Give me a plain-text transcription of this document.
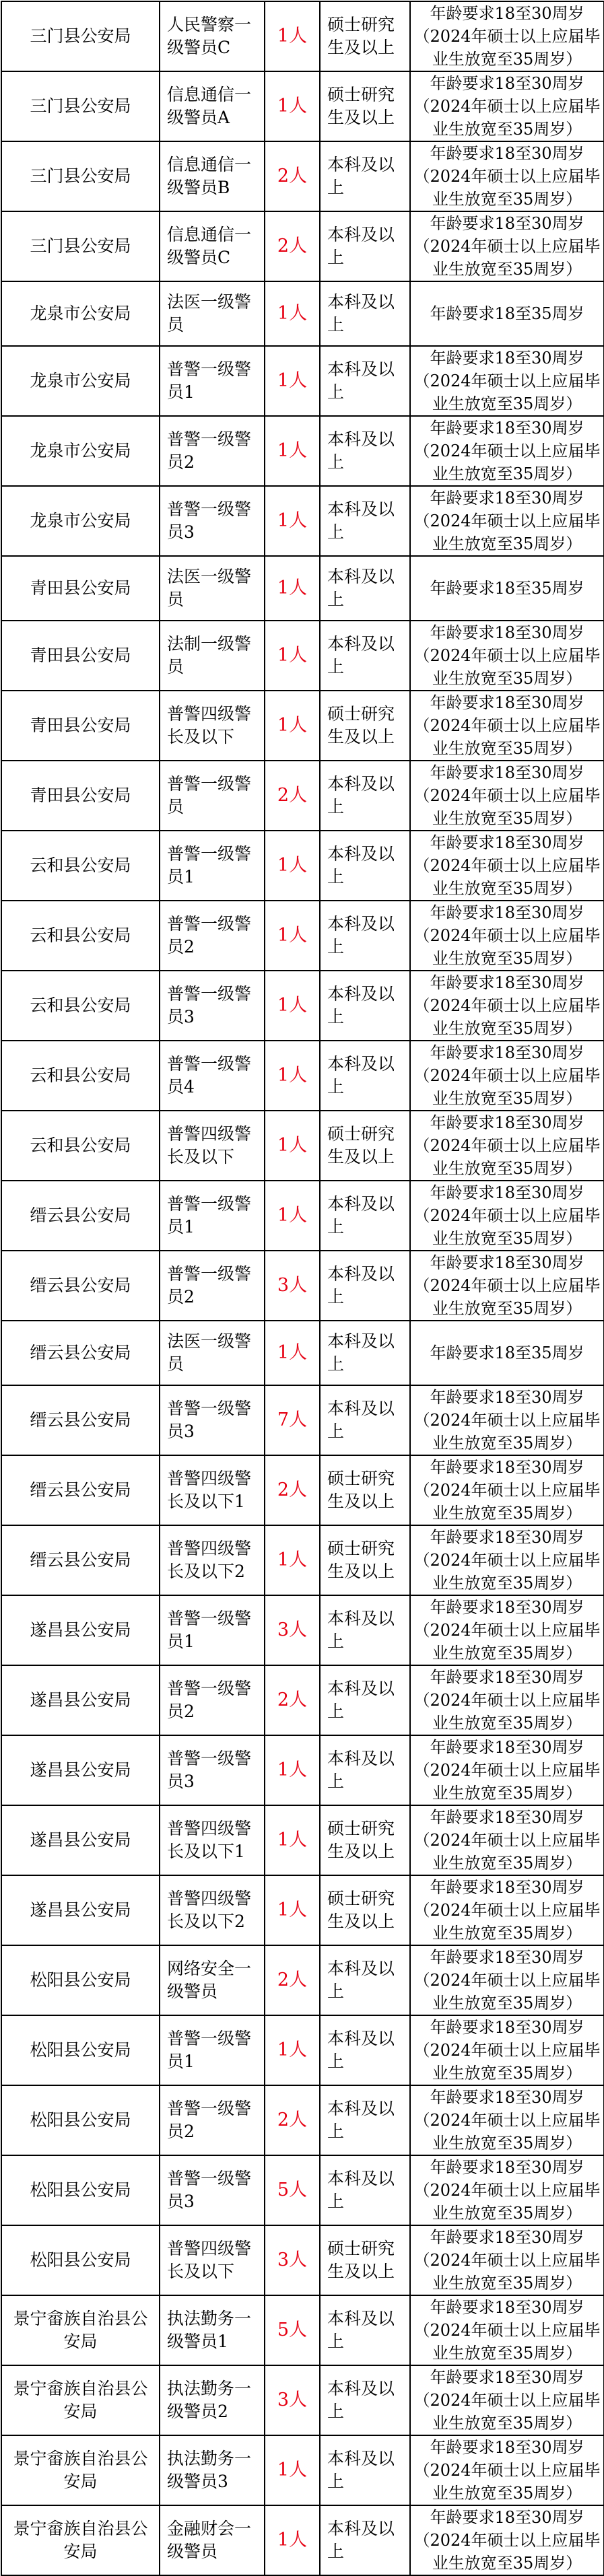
三门县公安局	人民警察一级警员C	1人	硕士研究生及以上	年龄要求18至30周岁（2024年硕士以上应届毕业生放宽至35周岁）
三门县公安局	信息通信一级警员A	1人	硕士研究生及以上	年龄要求18至30周岁（2024年硕士以上应届毕业生放宽至35周岁）
三门县公安局	信息通信一级警员B	2人	本科及以上	年龄要求18至30周岁（2024年硕士以上应届毕业生放宽至35周岁）
三门县公安局	信息通信一级警员C	2人	本科及以上	年龄要求18至30周岁（2024年硕士以上应届毕业生放宽至35周岁）
龙泉市公安局	法医一级警员	1人	本科及以上	年龄要求18至35周岁
龙泉市公安局	普警一级警员1	1人	本科及以上	年龄要求18至30周岁（2024年硕士以上应届毕业生放宽至35周岁）
龙泉市公安局	普警一级警员2	1人	本科及以上	年龄要求18至30周岁（2024年硕士以上应届毕业生放宽至35周岁）
龙泉市公安局	普警一级警员3	1人	本科及以上	年龄要求18至30周岁（2024年硕士以上应届毕业生放宽至35周岁）
青田县公安局	法医一级警员	1人	本科及以上	年龄要求18至35周岁
青田县公安局	法制一级警员	1人	本科及以上	年龄要求18至30周岁（2024年硕士以上应届毕业生放宽至35周岁）
青田县公安局	普警四级警长及以下	1人	硕士研究生及以上	年龄要求18至30周岁（2024年硕士以上应届毕业生放宽至35周岁）
青田县公安局	普警一级警员	2人	本科及以上	年龄要求18至30周岁（2024年硕士以上应届毕业生放宽至35周岁）
云和县公安局	普警一级警员1	1人	本科及以上	年龄要求18至30周岁（2024年硕士以上应届毕业生放宽至35周岁）
云和县公安局	普警一级警员2	1人	本科及以上	年龄要求18至30周岁（2024年硕士以上应届毕业生放宽至35周岁）
云和县公安局	普警一级警员3	1人	本科及以上	年龄要求18至30周岁（2024年硕士以上应届毕业生放宽至35周岁）
云和县公安局	普警一级警员4	1人	本科及以上	年龄要求18至30周岁（2024年硕士以上应届毕业生放宽至35周岁）
云和县公安局	普警四级警长及以下	1人	硕士研究生及以上	年龄要求18至30周岁（2024年硕士以上应届毕业生放宽至35周岁）
缙云县公安局	普警一级警员1	1人	本科及以上	年龄要求18至30周岁（2024年硕士以上应届毕业生放宽至35周岁）
缙云县公安局	普警一级警员2	3人	本科及以上	年龄要求18至30周岁（2024年硕士以上应届毕业生放宽至35周岁）
缙云县公安局	法医一级警员	1人	本科及以上	年龄要求18至35周岁
缙云县公安局	普警一级警员3	7人	本科及以上	年龄要求18至30周岁（2024年硕士以上应届毕业生放宽至35周岁）
缙云县公安局	普警四级警长及以下1	2人	硕士研究生及以上	年龄要求18至30周岁（2024年硕士以上应届毕业生放宽至35周岁）
缙云县公安局	普警四级警长及以下2	1人	硕士研究生及以上	年龄要求18至30周岁（2024年硕士以上应届毕业生放宽至35周岁）
遂昌县公安局	普警一级警员1	3人	本科及以上	年龄要求18至30周岁（2024年硕士以上应届毕业生放宽至35周岁）
遂昌县公安局	普警一级警员2	2人	本科及以上	年龄要求18至30周岁（2024年硕士以上应届毕业生放宽至35周岁）
遂昌县公安局	普警一级警员3	1人	本科及以上	年龄要求18至30周岁（2024年硕士以上应届毕业生放宽至35周岁）
遂昌县公安局	普警四级警长及以下1	1人	硕士研究生及以上	年龄要求18至30周岁（2024年硕士以上应届毕业生放宽至35周岁）
遂昌县公安局	普警四级警长及以下2	1人	硕士研究生及以上	年龄要求18至30周岁（2024年硕士以上应届毕业生放宽至35周岁）
松阳县公安局	网络安全一级警员	2人	本科及以上	年龄要求18至30周岁（2024年硕士以上应届毕业生放宽至35周岁）
松阳县公安局	普警一级警员1	1人	本科及以上	年龄要求18至30周岁（2024年硕士以上应届毕业生放宽至35周岁）
松阳县公安局	普警一级警员2	2人	本科及以上	年龄要求18至30周岁（2024年硕士以上应届毕业生放宽至35周岁）
松阳县公安局	普警一级警员3	5人	本科及以上	年龄要求18至30周岁（2024年硕士以上应届毕业生放宽至35周岁）
松阳县公安局	普警四级警长及以下	3人	硕士研究生及以上	年龄要求18至30周岁（2024年硕士以上应届毕业生放宽至35周岁）
景宁畲族自治县公安局	执法勤务一级警员1	5人	本科及以上	年龄要求18至30周岁（2024年硕士以上应届毕业生放宽至35周岁）
景宁畲族自治县公安局	执法勤务一级警员2	3人	本科及以上	年龄要求18至30周岁（2024年硕士以上应届毕业生放宽至35周岁）
景宁畲族自治县公安局	执法勤务一级警员3	1人	本科及以上	年龄要求18至30周岁（2024年硕士以上应届毕业生放宽至35周岁）
景宁畲族自治县公安局	金融财会一级警员	1人	本科及以上	年龄要求18至30周岁（2024年硕士以上应届毕业生放宽至35周岁）
